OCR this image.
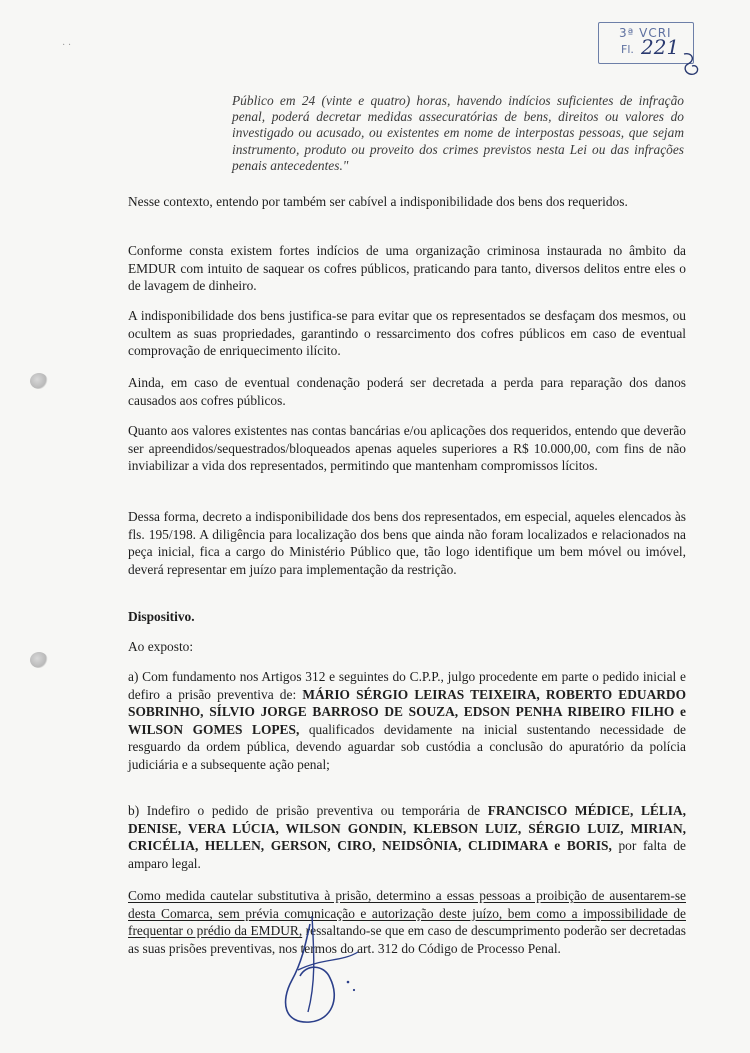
· ·
3ª VCRI
Fl. 221
Público em 24 (vinte e quatro) horas, havendo indícios suficientes de infração penal, poderá decretar medidas assecuratórias de bens, direitos ou valores do investigado ou acusado, ou existentes em nome de interpostas pessoas, que sejam instrumento, produto ou proveito dos crimes previstos nesta Lei ou das infrações penais antecedentes."
Nesse contexto, entendo por também ser cabível a indisponibilidade dos bens dos requeridos.
Conforme consta existem fortes indícios de uma organização criminosa instaurada no âmbito da EMDUR com intuito de saquear os cofres públicos, praticando para tanto, diversos delitos entre eles o de lavagem de dinheiro.
A indisponibilidade dos bens justifica-se para evitar que os representados se desfaçam dos mesmos, ou ocultem as suas propriedades, garantindo o ressarcimento dos cofres públicos em caso de eventual comprovação de enriquecimento ilícito.
Ainda, em caso de eventual condenação poderá ser decretada a perda para reparação dos danos causados aos cofres públicos.
Quanto aos valores existentes nas contas bancárias e/ou aplicações dos requeridos, entendo que deverão ser apreendidos/sequestrados/bloqueados apenas aqueles superiores a R$ 10.000,00, com fins de não inviabilizar a vida dos representados, permitindo que mantenham compromissos lícitos.
Dessa forma, decreto a indisponibilidade dos bens dos representados, em especial, aqueles elencados às fls. 195/198. A diligência para localização dos bens que ainda não foram localizados e relacionados na peça inicial, fica a cargo do Ministério Público que, tão logo identifique um bem móvel ou imóvel, deverá representar em juízo para implementação da restrição.
Dispositivo.
Ao exposto:
a) Com fundamento nos Artigos 312 e seguintes do C.P.P., julgo procedente em parte o pedido inicial e defiro a prisão preventiva de: MÁRIO SÉRGIO LEIRAS TEIXEIRA, ROBERTO EDUARDO SOBRINHO, SÍLVIO JORGE BARROSO DE SOUZA, EDSON PENHA RIBEIRO FILHO e WILSON GOMES LOPES, qualificados devidamente na inicial sustentando necessidade de resguardo da ordem pública, devendo aguardar sob custódia a conclusão do apuratório da polícia judiciária e a subsequente ação penal;
b) Indefiro o pedido de prisão preventiva ou temporária de FRANCISCO MÉDICE, LÉLIA, DENISE, VERA LÚCIA, WILSON GONDIN, KLEBSON LUIZ, SÉRGIO LUIZ, MIRIAN, CRICÉLIA, HELLEN, GERSON, CIRO, NEIDSÔNIA, CLIDIMARA e BORIS, por falta de amparo legal.
Como medida cautelar substitutiva à prisão, determino a essas pessoas a proibição de ausentarem-se desta Comarca, sem prévia comunicação e autorização deste juízo, bem como a impossibilidade de frequentar o prédio da EMDUR, ressaltando-se que em caso de descumprimento poderão ser decretadas as suas prisões preventivas, nos termos do art. 312 do Código de Processo Penal.
